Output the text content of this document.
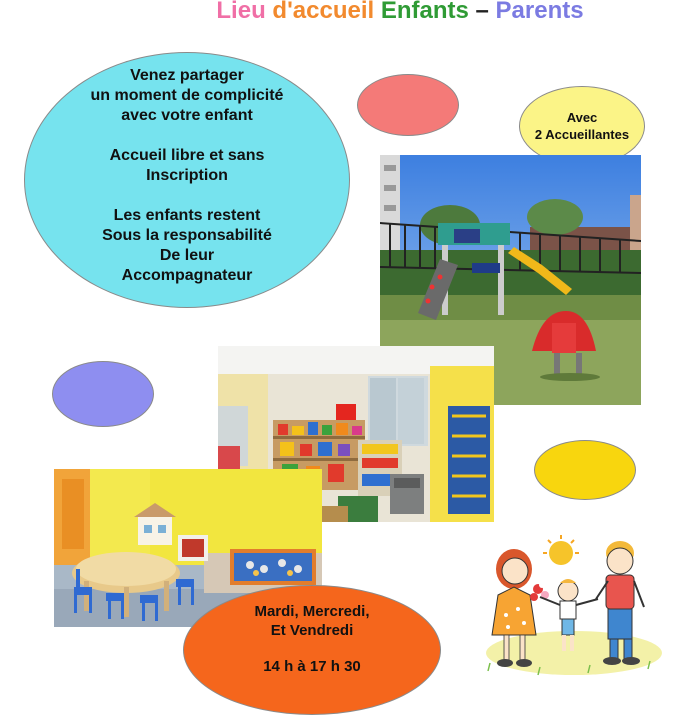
Lieu d'accueil Enfants – Parents
Venez partager
un moment de complicité
avec votre enfant
Accueil libre et sans
Inscription
Les enfants restent
Sous la responsabilité
De leur
Accompagnateur
Avec
2 Accueillantes
Mardi, Mercredi,
Et Vendredi
14 h à 17 h 30
